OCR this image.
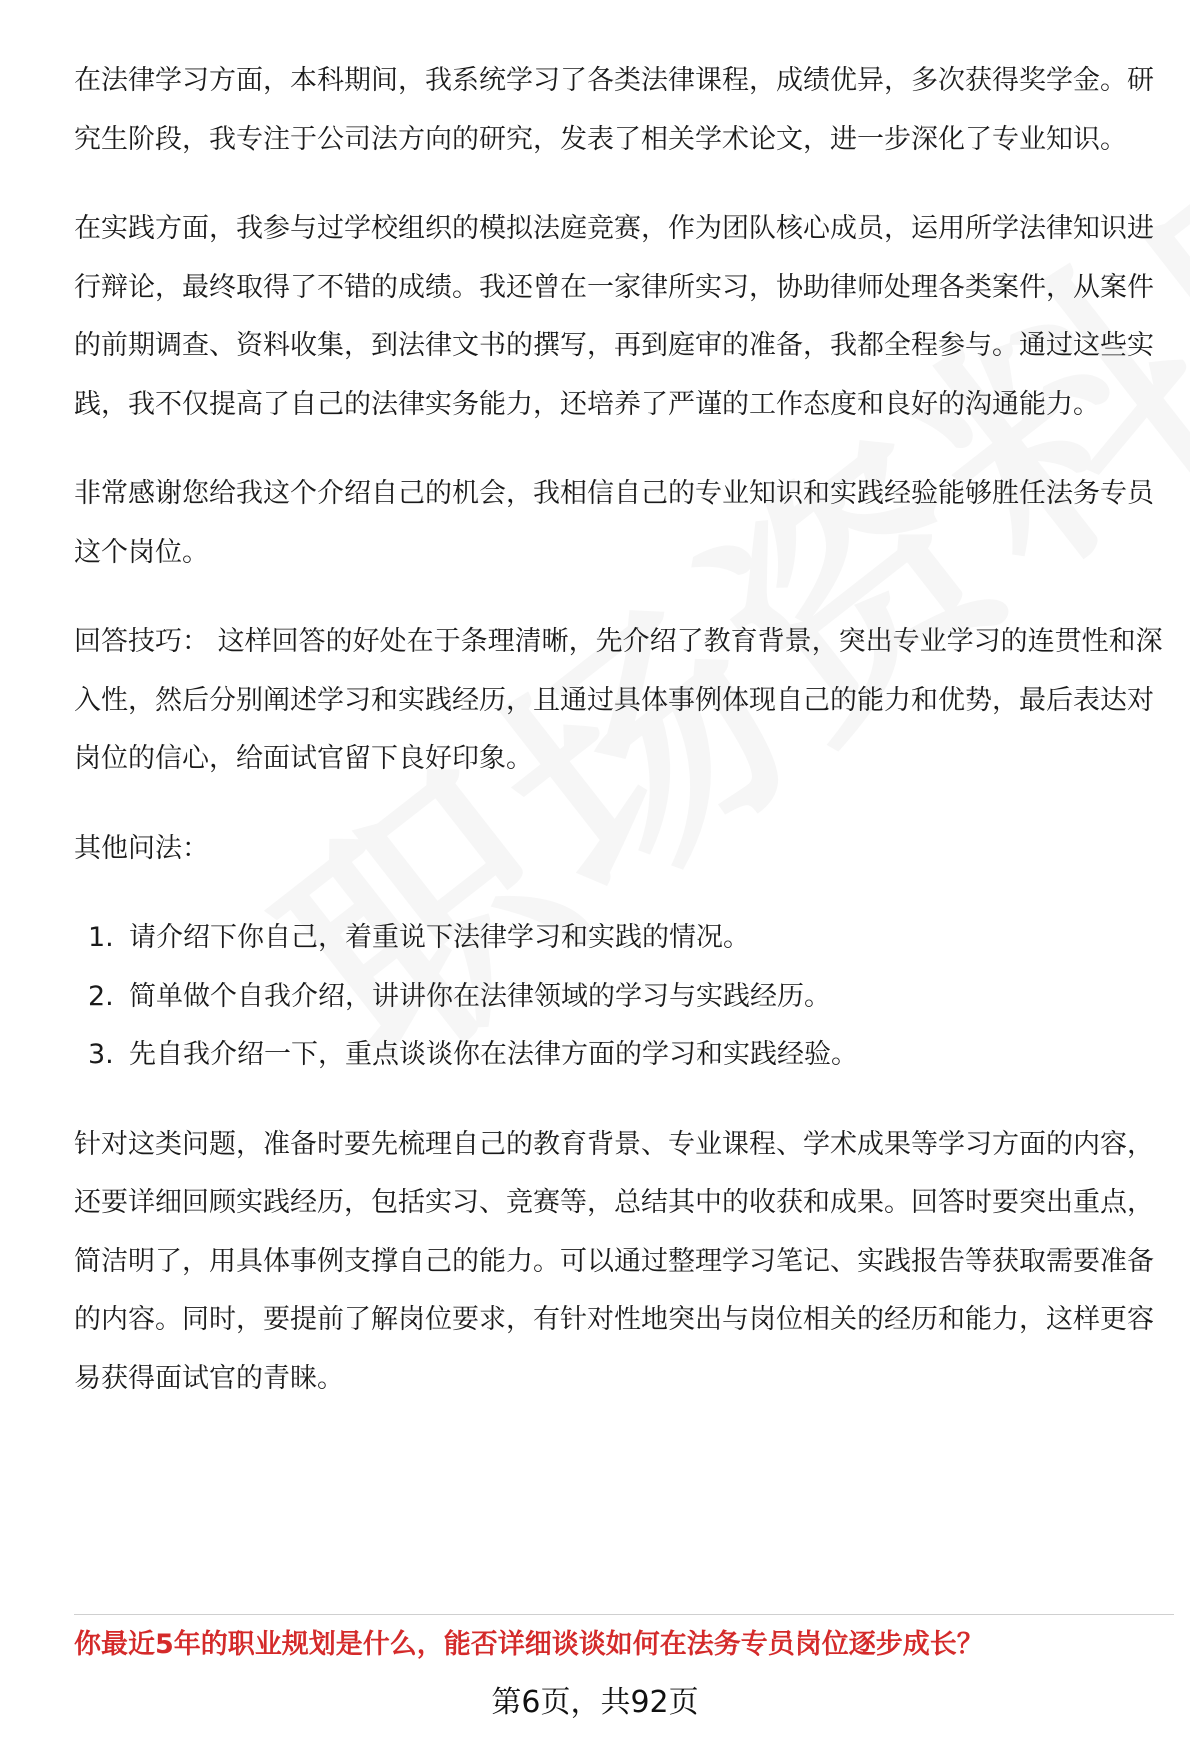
在法律学习方面，本科期间，我系统学习了各类法律课程，成绩优异，多次获得奖学金。研究生阶段，我专注于公司法方向的研究，发表了相关学术论文，进一步深化了专业知识。

在实践方面，我参与过学校组织的模拟法庭竞赛，作为团队核心成员，运用所学法律知识进行辩论，最终取得了不错的成绩。我还曾在一家律所实习，协助律师处理各类案件，从案件的前期调查、资料收集，到法律文书的撰写，再到庭审的准备，我都全程参与。通过这些实践，我不仅提高了自己的法律实务能力，还培养了严谨的工作态度和良好的沟通能力。

非常感谢您给我这个介绍自己的机会，我相信自己的专业知识和实践经验能够胜任法务专员这个岗位。

回答技巧： 这样回答的好处在于条理清晰，先介绍了教育背景，突出专业学习的连贯性和深入性，然后分别阐述学习和实践经历，且通过具体事例体现自己的能力和优势，最后表达对岗位的信心，给面试官留下良好印象。

其他问法：

1. 请介绍下你自己，着重说下法律学习和实践的情况。
2. 简单做个自我介绍，讲讲你在法律领域的学习与实践经历。
3. 先自我介绍一下，重点谈谈你在法律方面的学习和实践经验。

针对这类问题，准备时要先梳理自己的教育背景、专业课程、学术成果等学习方面的内容，还要详细回顾实践经历，包括实习、竞赛等，总结其中的收获和成果。回答时要突出重点，简洁明了，用具体事例支撑自己的能力。可以通过整理学习笔记、实践报告等获取需要准备的内容。同时，要提前了解岗位要求，有针对性地突出与岗位相关的经历和能力，这样更容易获得面试官的青睐。

你最近5年的职业规划是什么，能否详细谈谈如何在法务专员岗位逐步成长？
第6页，共92页
